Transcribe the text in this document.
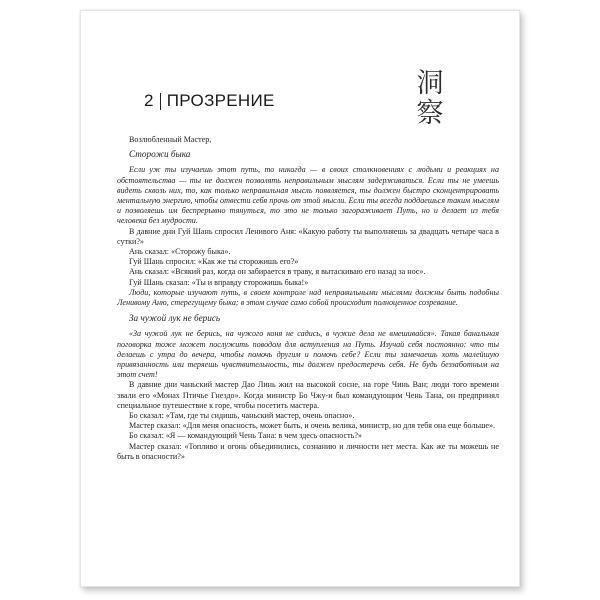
2 ПРОЗРЕНИЕ
洞
察

Возлюбленный Мастер,

Сторожи быка

Если уж ты изучаешь этот путь, то никогда — в своих столкновениях с людьми и реакциях на обстоятельства — ты не должен позволять неправильным мыслям задерживаться. Если ты не умеешь видеть сквозь них, то, как только неправильная мысль появляется, ты должен быстро сконцентрировать ментальную энергию, чтобы отвести себя прочь от этой мысли. Если ты всегда поддаешься таким мыслям и позволяешь им беспрерывно тянуться, то это не только загораживает Путь, но и делает из тебя человека без мудрости.

В давние дни Гуй Шань спросил Ленивого Аня: «Какую работу ты выполняешь за двадцать четыре часа в сутки?»

Ань сказал: «Сторожу быка».

Гуй Шань спросил: «Как же ты сторожишь его?»

Ань сказал: «Всякий раз, когда он забирается в траву, я вытаскиваю его назад за нос».

Гуй Шань сказал: «Ты и вправду сторожишь быка!»

Люди, которые изучают путь, в своем контроле над неправильными мыслями должны быть подобны Ленивому Аню, стерегущему быка; в этом случае само собой происходит полноценное созревание.

За чужой лук не берись

«За чужой лук не берись, на чужого коня не садись, в чужие дела не вмешивайся». Такая банальная поговорка тоже может послужить поводом для вступления на Путь. Изучай себя постоянно: что ты делаешь с утра до вечера, чтобы помочь другим и помочь себе? Если ты замечаешь хоть малейшую привязанность или теряешь чувствительность, ты должен предостеречь себя. Не будь беззаботным на этот счет!

В давние дни чаньский мастер Дао Линь жил на высокой сосне, на горе Чинь Ван; люди того времени звали его «Монах Птичье Гнездо». Когда министр Бо Чжу-и был командующим Чень Тана, он предпринял специальное путешествие к горе, чтобы посетить мастера.

Бо сказал: «Там, где ты сидишь, чаньский мастер, очень опасно».

Мастер сказал: «Для меня опасность, может быть, и очень велика, министр, но для тебя она еще больше».

Бо сказал: «Я — командующий Чень Тана: в чем здесь опасность?»

Мастер сказал: «Топливо и огонь объединились, сознанию и личности нет места. Как же ты можешь не быть в опасности?»
